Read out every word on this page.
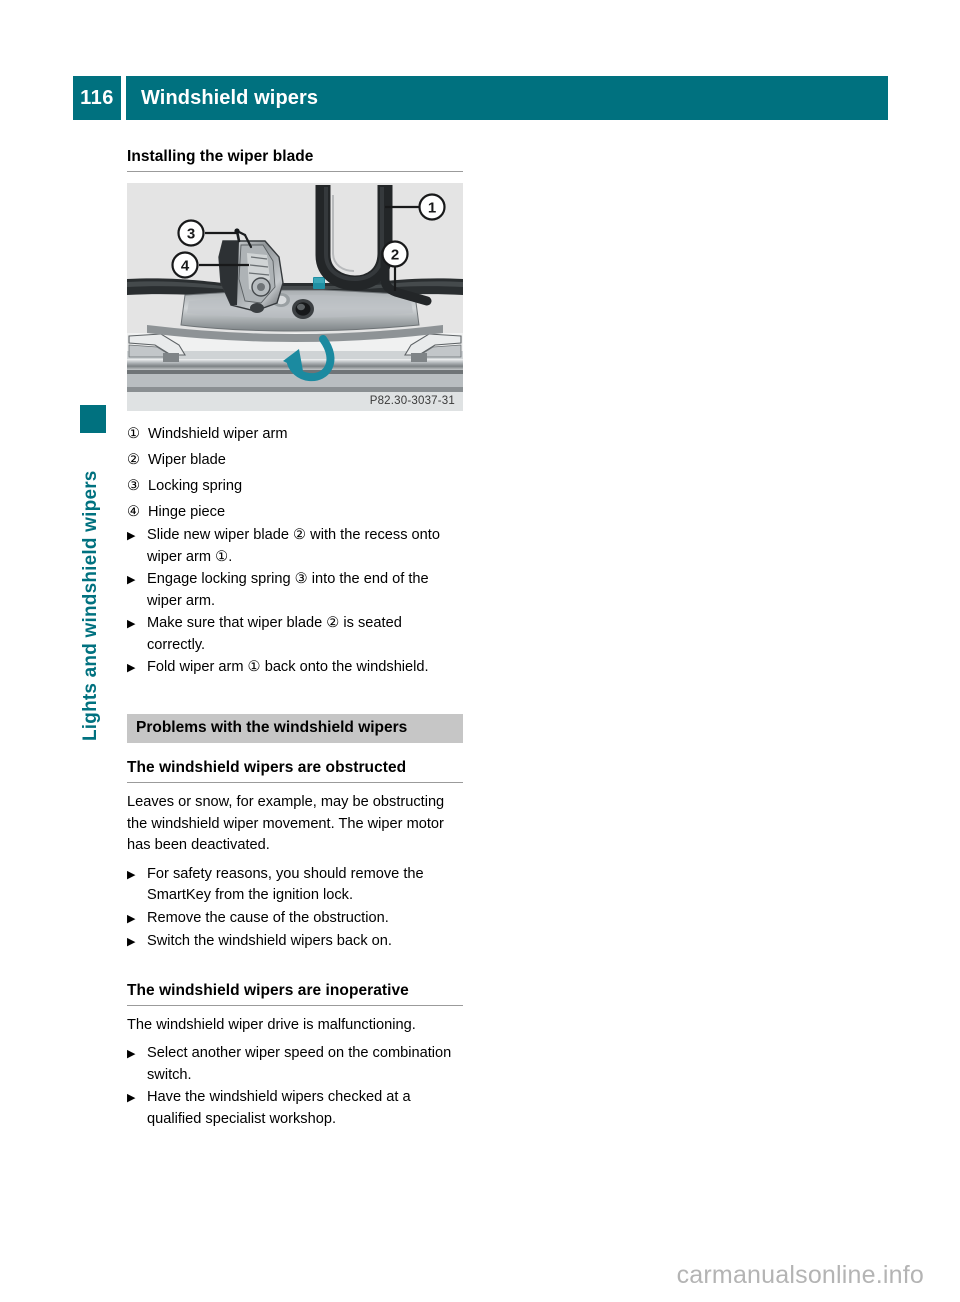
116	Windshield wipers
Lights and windshield wipers
Installing the wiper blade
1
2
3
4
P82.30-3037-31
① Windshield wiper arm
② Wiper blade
③ Locking spring
④ Hinge piece
▶ Slide new wiper blade ② with the recess onto wiper arm ①.
▶ Engage locking spring ③ into the end of the wiper arm.
▶ Make sure that wiper blade ② is seated correctly.
▶ Fold wiper arm ① back onto the windshield.
Problems with the windshield wipers
The windshield wipers are obstructed
Leaves or snow, for example, may be obstructing the windshield wiper movement. The wiper motor has been deactivated.
▶ For safety reasons, you should remove the SmartKey from the ignition lock.
▶ Remove the cause of the obstruction.
▶ Switch the windshield wipers back on.
The windshield wipers are inoperative
The windshield wiper drive is malfunctioning.
▶ Select another wiper speed on the combination switch.
▶ Have the windshield wipers checked at a qualified specialist workshop.
carmanualsonline.info
